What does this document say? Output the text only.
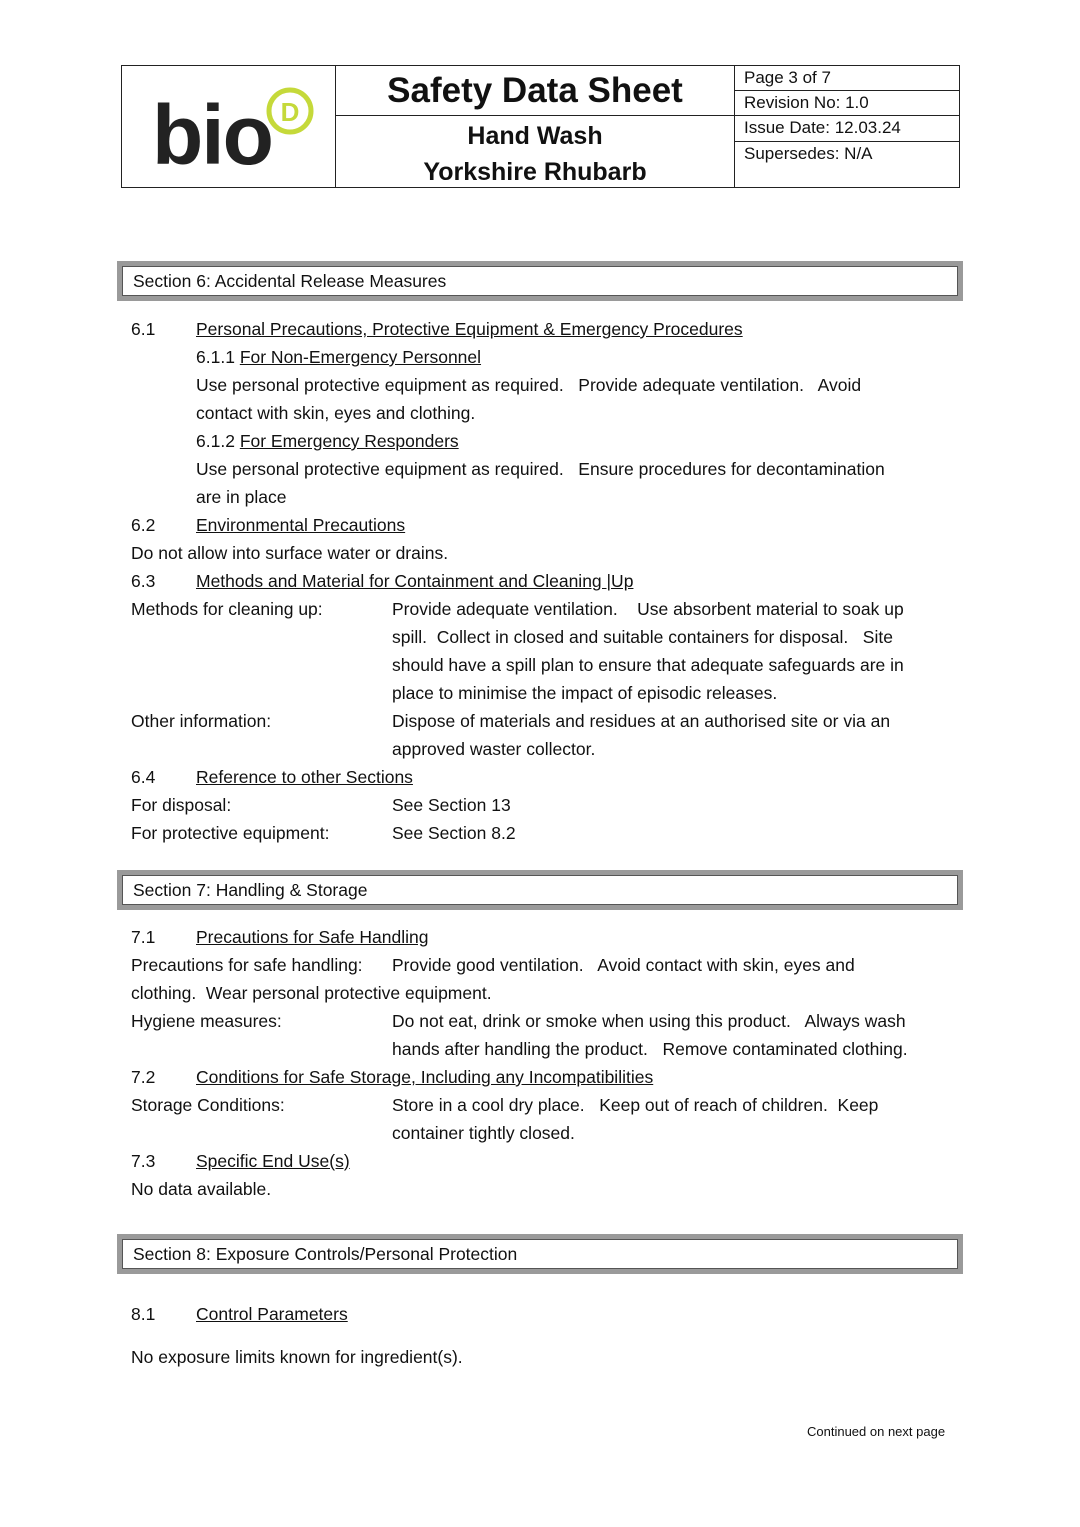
bio D
Safety Data Sheet
Hand Wash
Yorkshire Rhubarb
Page 3 of 7
Revision No: 1.0
Issue Date: 12.03.24
Supersedes: N/A
Section 6: Accidental Release Measures
6.1 Personal Precautions, Protective Equipment & Emergency Procedures
6.1.1 For Non-Emergency Personnel
Use personal protective equipment as required.   Provide adequate ventilation.   Avoid
contact with skin, eyes and clothing.
6.1.2 For Emergency Responders
Use personal protective equipment as required.   Ensure procedures for decontamination
are in place
6.2 Environmental Precautions
Do not allow into surface water or drains.
6.3 Methods and Material for Containment and Cleaning |Up
Methods for cleaning up:	Provide adequate ventilation.    Use absorbent material to soak up
spill.  Collect in closed and suitable containers for disposal.   Site
should have a spill plan to ensure that adequate safeguards are in
place to minimise the impact of episodic releases.
Other information:	Dispose of materials and residues at an authorised site or via an
approved waster collector.
6.4 Reference to other Sections
For disposal:	See Section 13
For protective equipment:	See Section 8.2
Section 7: Handling & Storage
7.1 Precautions for Safe Handling
Precautions for safe handling: Provide good ventilation.   Avoid contact with skin, eyes and
clothing.  Wear personal protective equipment.
Hygiene measures:	Do not eat, drink or smoke when using this product.   Always wash
hands after handling the product.   Remove contaminated clothing.
7.2 Conditions for Safe Storage, Including any Incompatibilities
Storage Conditions:	Store in a cool dry place.   Keep out of reach of children.  Keep
container tightly closed.
7.3 Specific End Use(s)
No data available.
Section 8: Exposure Controls/Personal Protection
8.1 Control Parameters
No exposure limits known for ingredient(s).
Continued on next page
